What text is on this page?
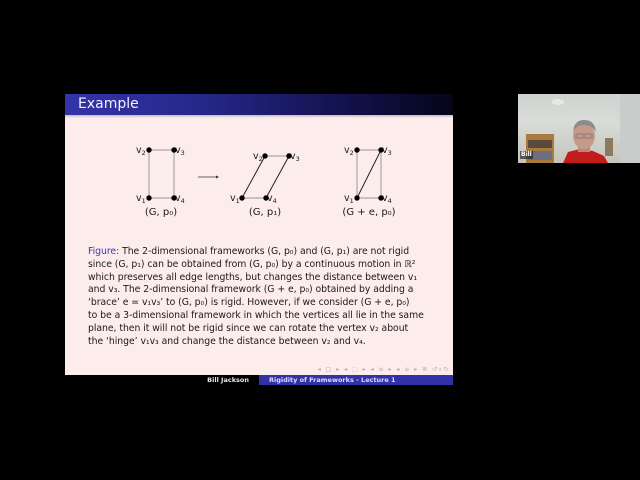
Example
$v_2$	$v_3$
$v_1$	$v_4$
(G, p₀)
$v_2$	$v_3$
$v_1$	$v_4$
(G, p₁)
$v_2$	$v_3$
$v_1$	$v_4$
(G + e, p₀)

Figure: The 2-dimensional frameworks (G, p₀) and (G, p₁) are not rigid

since (G, p₁) can be obtained from (G, p₀) by a continuous motion in ℝ²

which preserves all edge lengths, but changes the distance between v₁

and v₃. The 2-dimensional framework (G + e, p₀) obtained by adding a

‘brace’ e = v₁v₃’ to (G, p₀) is rigid. However, if we consider (G + e, p₀)

to be a 3-dimensional framework in which the vertices all lie in the same

plane, then it will not be rigid since we can rotate the vertex v₂ about

the ‘hinge’ v₁v₃ and change the distance between v₂ and v₄.

◂ □ ▸ ◂ ⬚ ▸ ◂ ≡ ▸ ◂ ≡ ▸ ≣ ↺⌕↻
Bill Jackson	Rigidity of Frameworks - Lecture 1
Bill
